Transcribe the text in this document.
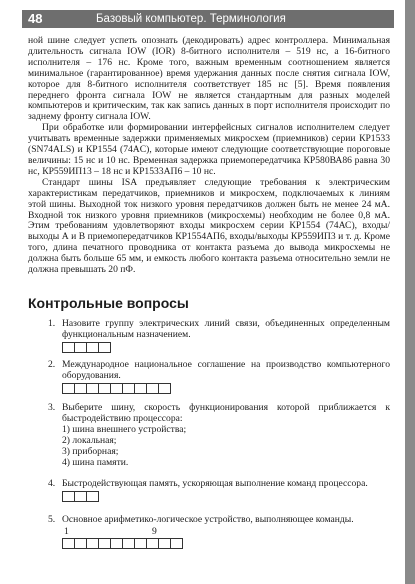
48	Базовый компьютер. Терминология

ной шине следует успеть опознать (декодировать) адрес контроллера. Минимальная длительность сигнала IOW (IOR) 8-битного исполнителя – 519 нс, а 16-битного исполнителя – 176 нс. Кроме того, важным временным соотношением является минимальное (гарантированное) время удержания данных после снятия сигнала IOW, которое для 8-битного исполнителя соответствует 185 нс [5]. Время появления переднего фронта сигнала IOW не является стандартным для разных моделей компьютеров и критическим, так как запись данных в порт исполнителя происходит по заднему фронту сигнала IOW.

При обработке или формировании интерфейсных сигналов исполнителем следует учитывать временные задержки применяемых микросхем (приемников) серии КР1533 (SN74ALS) и КР1554 (74AC), которые имеют следующие соответствующие пороговые величины: 15 нс и 10 нс. Временная задержка приемопередатчика КР580ВА86 равна 30 нс, КР559ИП13 – 18 нс и КР1533АП6 – 10 нс.

Стандарт шины ISA предъявляет следующие требования к электрическим характеристикам передатчиков, приемников и микросхем, подключаемых к линиям этой шины. Выходной ток низкого уровня передатчиков должен быть не менее 24 мА. Входной ток низкого уровня приемников (микросхемы) необходим не более 0,8 мА. Этим требованиям удовлетворяют входы микросхем серии КР1554 (74АС), входы/выходы А и В приемопередатчиков КР1554АП6, входы/выходы КР559ИП3 и т. д. Кроме того, длина печатного проводника от контакта разъема до вывода микросхемы не должна быть больше 65 мм, и емкость любого контакта разъема относительно земли не должна превышать 20 пФ.

Контрольные вопросы
1. Назовите группу электрических линий связи, объединенных определенным функциональным назначением.
2. Международное национальное соглашение на производство компьютерного оборудования.
3. Выберите шину, скорость функционирования которой приближается к быстродействию процессора:
1) шина внешнего устройства;
2) локальная;
3) приборная;
4) шина памяти.
4. Быстродействующая память, ускоряющая выполнение команд процессора.
5. Основное арифметико-логическое устройство, выполняющее команды.
1	9
